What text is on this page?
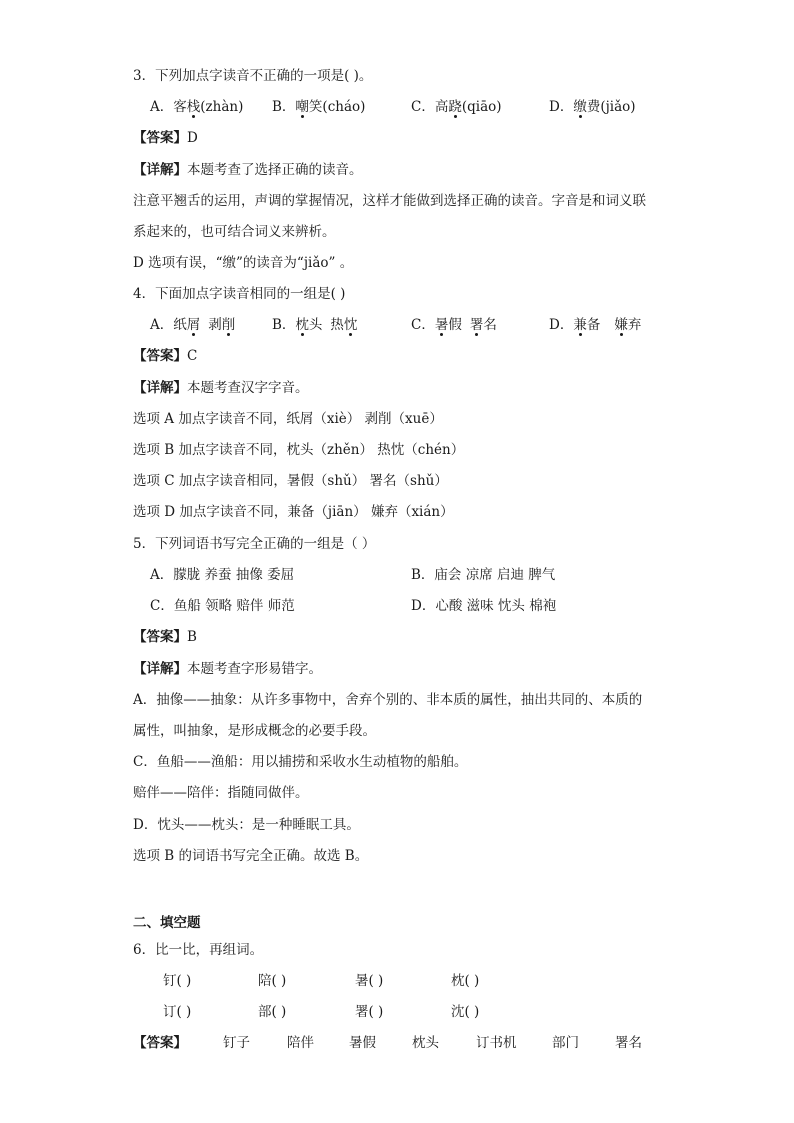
3．下列加点字读音不正确的一项是( )。
A．客栈(zhàn) B．嘲笑(cháo)	C．高跷(qiāo)	D．缴费(jiǎo)
【答案】D
【详解】本题考查了选择正确的读音。
注意平翘舌的运用，声调的掌握情况，这样才能做到选择正确的读音。字音是和词义联
系起来的，也可结合词义来辨析。
D 选项有误，“缴”的读音为“jiǎo” 。
4．下面加点字读音相同的一组是( )
A．纸屑 剥削	B．枕头 热忱	C．暑假 署名	D．兼备 嫌弃
【答案】C
【详解】本题考查汉字字音。
选项 A 加点字读音不同，纸屑（xiè） 剥削（xuē）
选项 B 加点字读音不同，枕头（zhěn） 热忱（chén）
选项 C 加点字读音相同，暑假（shǔ） 署名（shǔ）
选项 D 加点字读音不同，兼备（jiān） 嫌弃（xián）
5．下列词语书写完全正确的一组是（ ）
A．朦胧 养蚕 抽像 委屈	B．庙会 凉席 启迪 脾气
C．鱼船 领略 赔伴 师范	D．心酸 滋味 忱头 棉袍
【答案】B
【详解】本题考查字形易错字。
A．抽像——抽象：从许多事物中，舍弃个别的、非本质的属性，抽出共同的、本质的
属性，叫抽象，是形成概念的必要手段。
C．鱼船——渔船：用以捕捞和采收水生动植物的船舶。
赔伴——陪伴：指随同做伴。
D．忱头——枕头：是一种睡眠工具。
选项 B 的词语书写完全正确。故选 B。
二、填空题
6．比一比，再组词。
钉( )	陪( )	暑( )	枕( )
订( )	部( )	署( )	沈( )
【答案】	钉子	陪伴	暑假	枕头	订书机	部门	署名
